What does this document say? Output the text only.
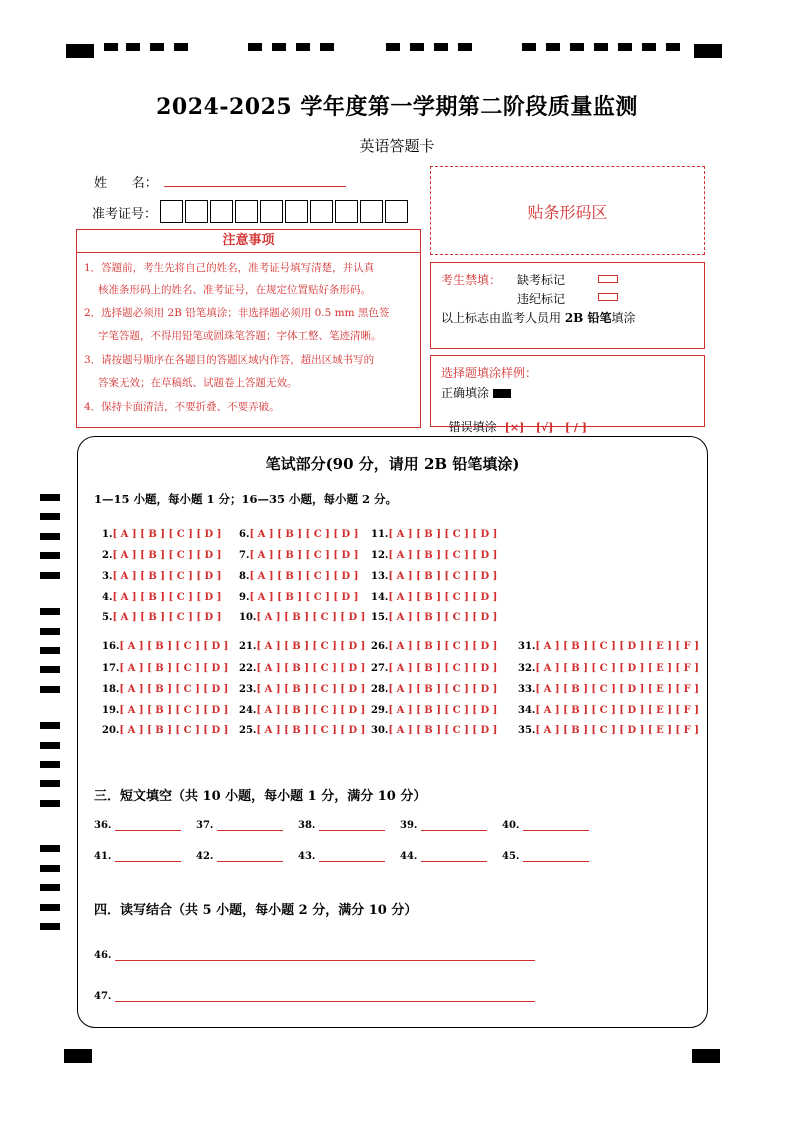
2024-2025 学年度第一学期第二阶段质量监测
英语答题卡
姓      名：
准考证号：	贴条形码区
注意事项
1．答题前，考生先将自己的姓名，准考证号填写清楚，并认真
核准条形码上的姓名、准考证号，在规定位置贴好条形码。
2．选择题必须用 2B 铅笔填涂；非选择题必须用 0.5 mm 黑色签
字笔答题，不得用铅笔或圆珠笔答题；字体工整、笔迹清晰。
3．请按题号顺序在各题目的答题区域内作答，超出区域书写的
答案无效；在草稿纸、试题卷上答题无效。
4．保持卡面清洁，不要折叠、不要弄破。
考生禁填： 缺考标记
违纪标记
以上标志由监考人员用 2B 铅笔填涂
选择题填涂样例：
正确填涂

错误填涂 [×]   [√]   [ / ]

笔试部分(90 分，请用 2B 铅笔填涂)
1—15 小题，每小题 1 分；16—35 小题，每小题 2 分。
1.[ A ] [ B ] [ C ] [ D ]
2.[ A ] [ B ] [ C ] [ D ]
3.[ A ] [ B ] [ C ] [ D ]
4.[ A ] [ B ] [ C ] [ D ]
5.[ A ] [ B ] [ C ] [ D ]
6.[ A ] [ B ] [ C ] [ D ]
7.[ A ] [ B ] [ C ] [ D ]
8.[ A ] [ B ] [ C ] [ D ]
9.[ A ] [ B ] [ C ] [ D ]
10.[ A ] [ B ] [ C ] [ D ]
11.[ A ] [ B ] [ C ] [ D ]
12.[ A ] [ B ] [ C ] [ D ]
13.[ A ] [ B ] [ C ] [ D ]
14.[ A ] [ B ] [ C ] [ D ]
15.[ A ] [ B ] [ C ] [ D ]
16.[ A ] [ B ] [ C ] [ D ]
17.[ A ] [ B ] [ C ] [ D ]
18.[ A ] [ B ] [ C ] [ D ]
19.[ A ] [ B ] [ C ] [ D ]
20.[ A ] [ B ] [ C ] [ D ]
21.[ A ] [ B ] [ C ] [ D ]
22.[ A ] [ B ] [ C ] [ D ]
23.[ A ] [ B ] [ C ] [ D ]
24.[ A ] [ B ] [ C ] [ D ]
25.[ A ] [ B ] [ C ] [ D ]
26.[ A ] [ B ] [ C ] [ D ]
27.[ A ] [ B ] [ C ] [ D ]
28.[ A ] [ B ] [ C ] [ D ]
29.[ A ] [ B ] [ C ] [ D ]
30.[ A ] [ B ] [ C ] [ D ]
31.[ A ] [ B ] [ C ] [ D ] [ E ] [ F ]
32.[ A ] [ B ] [ C ] [ D ] [ E ] [ F ]
33.[ A ] [ B ] [ C ] [ D ] [ E ] [ F ]
34.[ A ] [ B ] [ C ] [ D ] [ E ] [ F ]
35.[ A ] [ B ] [ C ] [ D ] [ E ] [ F ]
三．短文填空（共 10 小题，每小题 1 分，满分 10 分）
36.	37.	38.	39.	40.
41.	42.	43.	44.	45.
四．读写结合（共 5 小题，每小题 2 分，满分 10 分）
46.
47.
